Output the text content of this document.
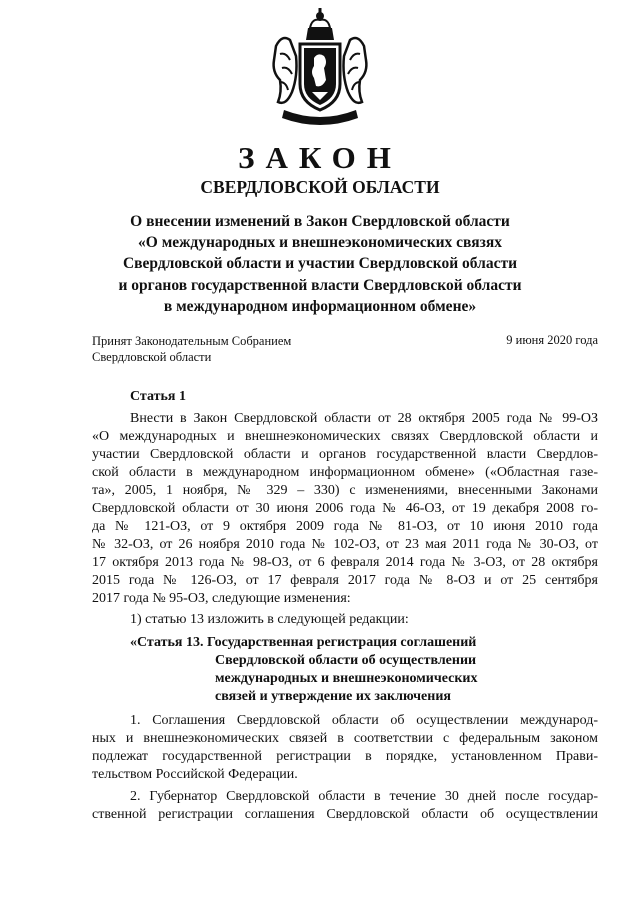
ЗАКОН
СВЕРДЛОВСКОЙ ОБЛАСТИ
О внесении изменений в Закон Свердловской области
«О международных и внешнеэкономических связях
Свердловской области и участии Свердловской области
и органов государственной власти Свердловской области
в международном информационном обмене»
Принят Законодательным Собранием
Свердловской области
9 июня 2020 года
Статья 1
Внести в Закон Свердловской области от 28 октября 2005 года № 99-ОЗ
«О международных и внешнеэкономических связях Свердловской области и
участии Свердловской области и органов государственной власти Свердлов-
ской области в международном информационном обмене» («Областная газе-
та», 2005, 1 ноября, № 329 – 330) с изменениями, внесенными Законами
Свердловской области от 30 июня 2006 года № 46-ОЗ, от 19 декабря 2008 го-
да № 121-ОЗ, от 9 октября 2009 года № 81-ОЗ, от 10 июня 2010 года
№ 32-ОЗ, от 26 ноября 2010 года № 102-ОЗ, от 23 мая 2011 года № 30-ОЗ, от
17 октября 2013 года № 98-ОЗ, от 6 февраля 2014 года № 3-ОЗ, от 28 октября
2015 года № 126-ОЗ, от 17 февраля 2017 года № 8-ОЗ и от 25 сентября
2017 года № 95-ОЗ, следующие изменения:
1) статью 13 изложить в следующей редакции:
«Статья 13. Государственная регистрация соглашений
Свердловской области об осуществлении
международных и внешнеэкономических
связей и утверждение их заключения
1. Соглашения Свердловской области об осуществлении международ-
ных и внешнеэкономических связей в соответствии с федеральным законом
подлежат государственной регистрации в порядке, установленном Прави-
тельством Российской Федерации.
2. Губернатор Свердловской области в течение 30 дней после государ-
ственной регистрации соглашения Свердловской области об осуществлении
